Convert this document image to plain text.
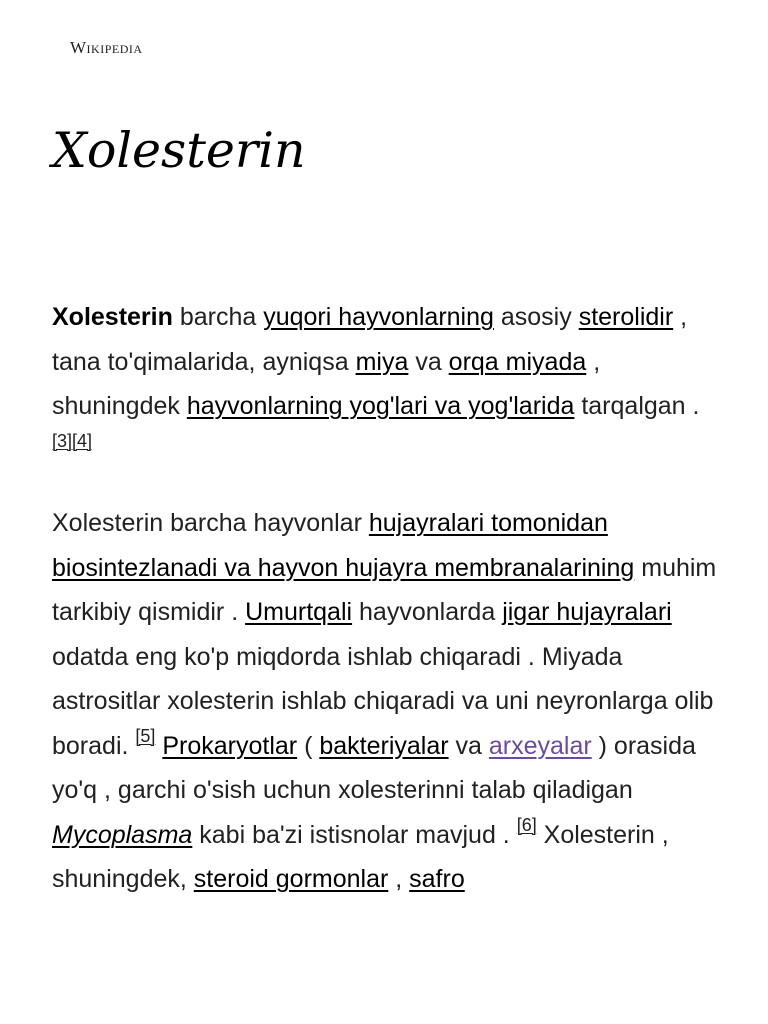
Wikipedia
Xolesterin

Xolesterin barcha yuqori hayvonlarning asosiy sterolidir , tana to'qimalarida, ayniqsa miya va orqa miyada , shuningdek hayvonlarning yog'lari va yog'larida tarqalgan . [3][4]

Xolesterin barcha hayvonlar hujayralari tomonidan biosintezlanadi va hayvon hujayra membranalarining muhim tarkibiy qismidir . Umurtqali hayvonlarda jigar hujayralari odatda eng ko'p miqdorda ishlab chiqaradi . Miyada astrositlar xolesterin ishlab chiqaradi va uni neyronlarga olib boradi. [5] Prokaryotlar ( bakteriyalar va arxeyalar ) orasida yo'q , garchi o'sish uchun xolesterinni talab qiladigan Mycoplasma kabi ba'zi istisnolar mavjud . [6] Xolesterin , shuningdek, steroid gormonlar , safro
